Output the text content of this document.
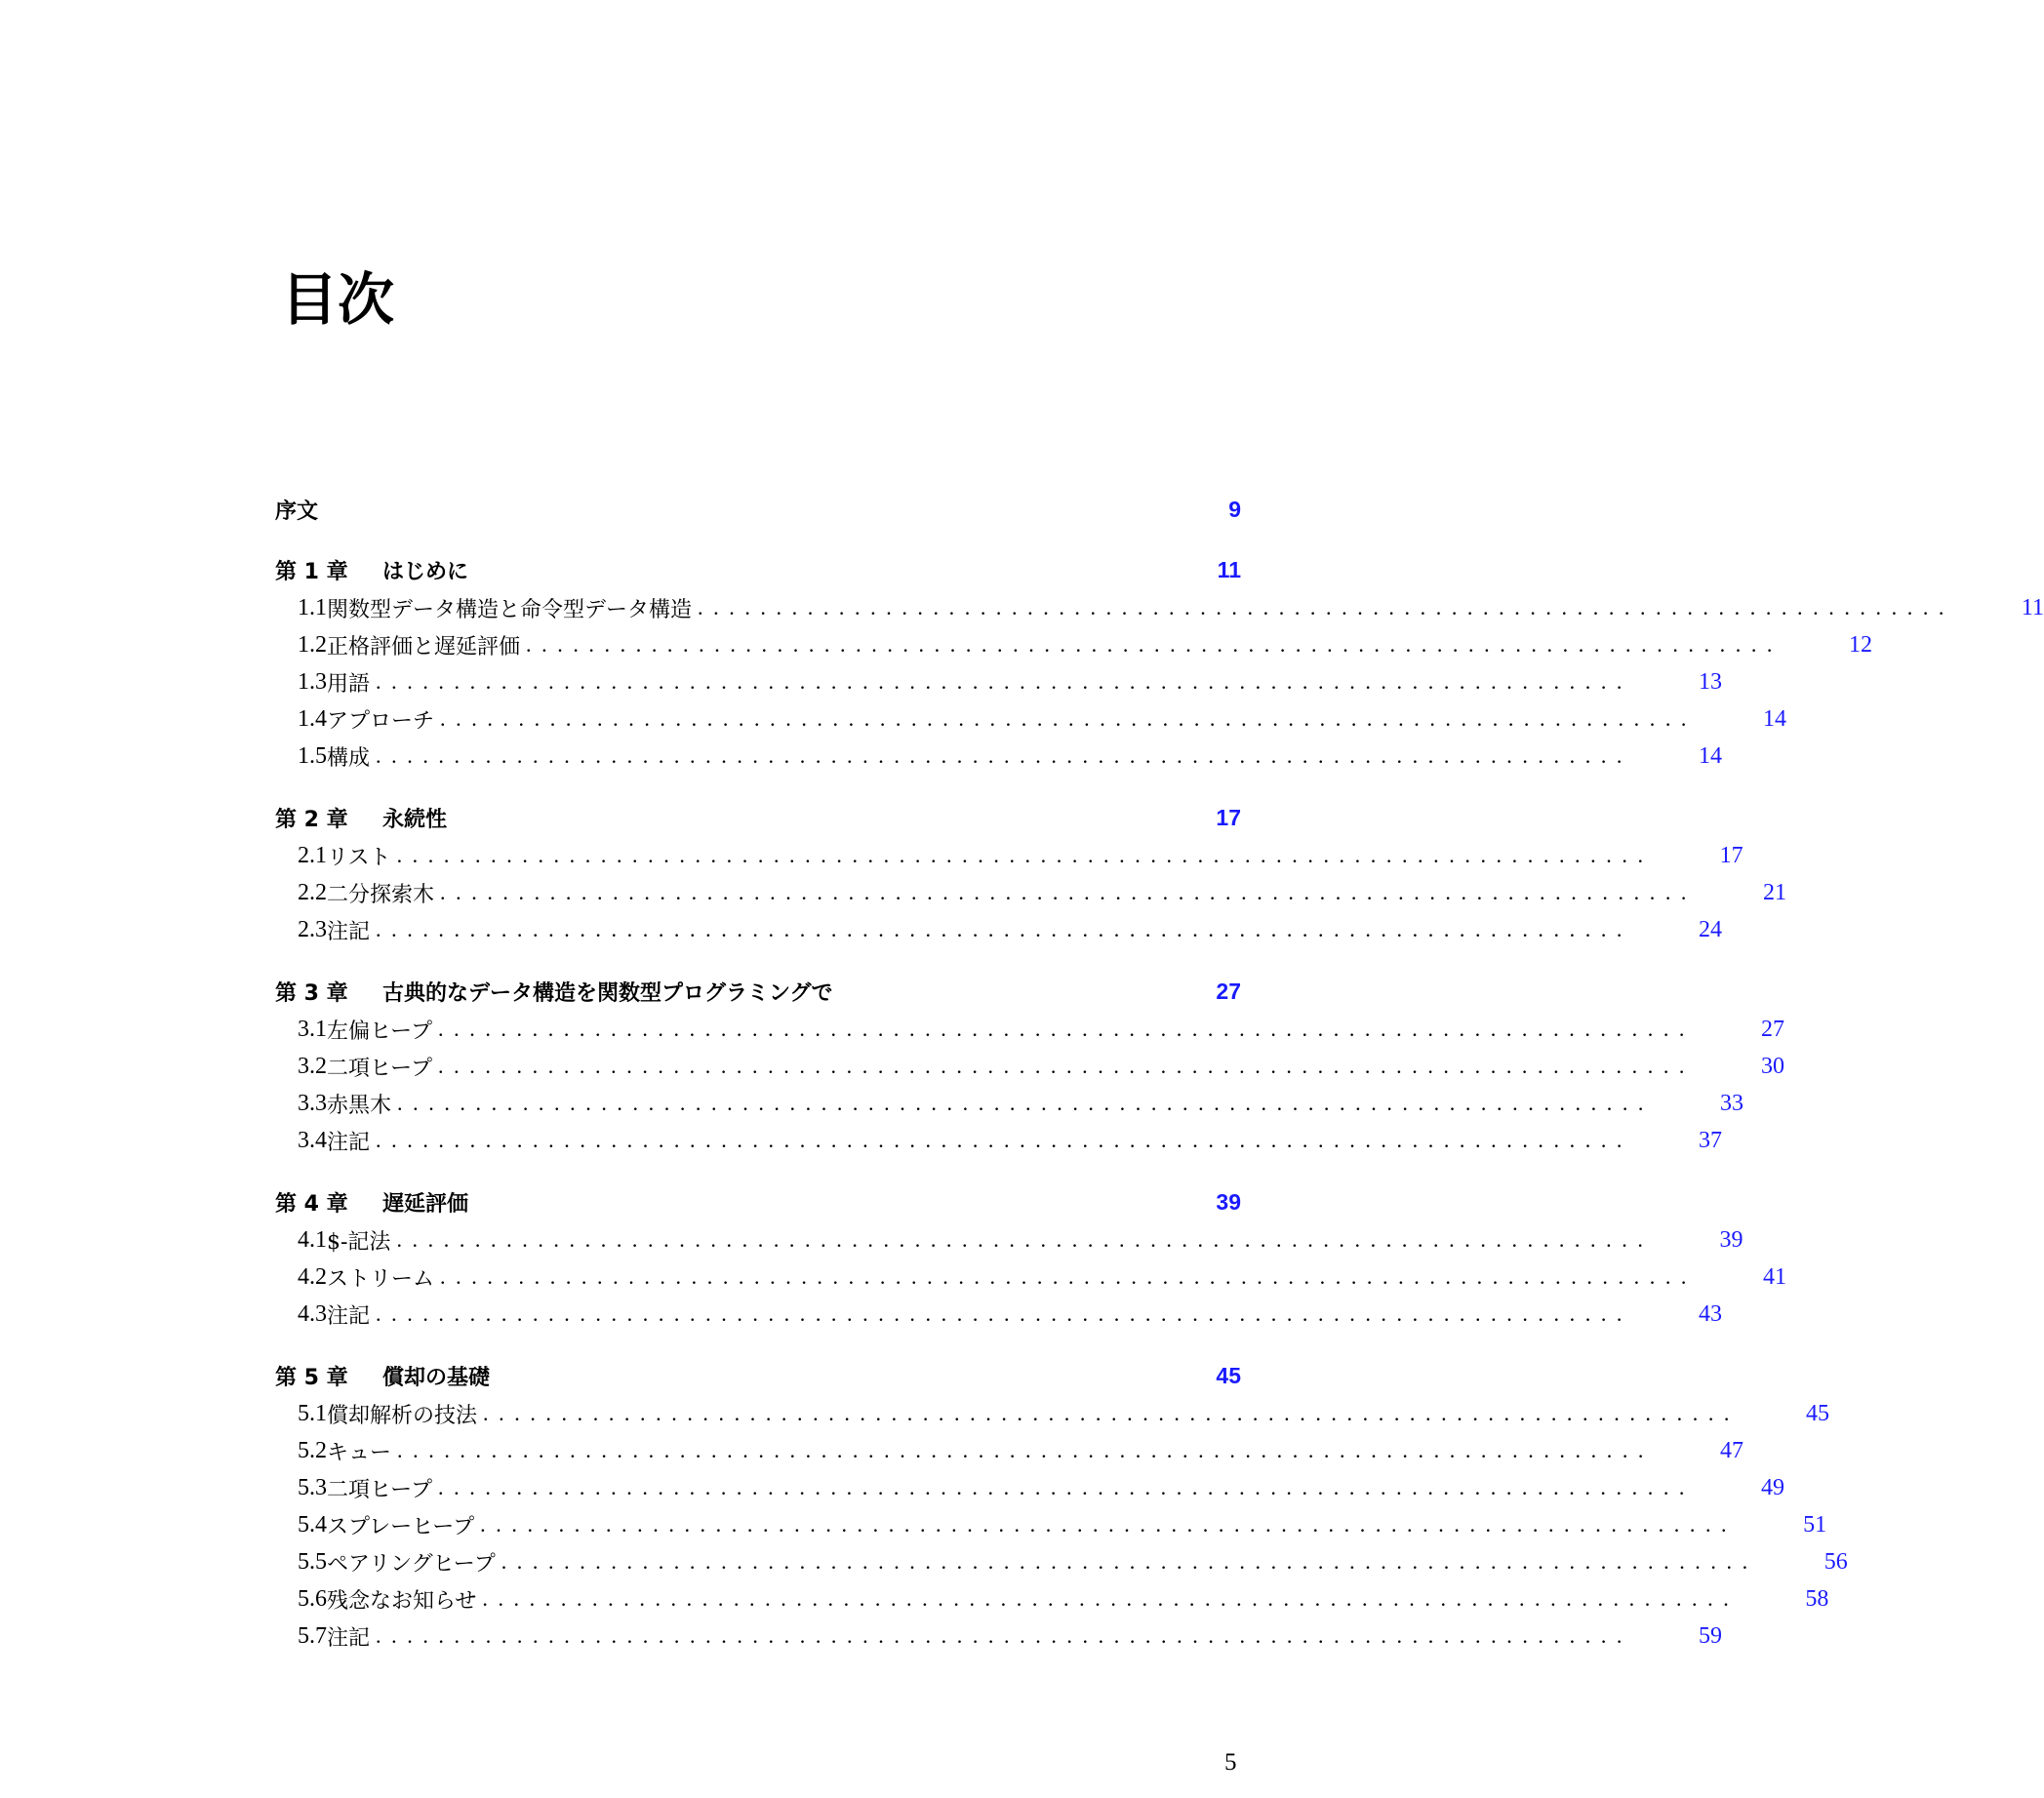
目次
序文	9
第 1 章	はじめに	11
1.1 関数型データ構造と命令型データ構造 ................................................................................	11
1.2 正格評価と遅延評価 ................................................................................	12
1.3 用語 ................................................................................	13
1.4 アプローチ ................................................................................	14
1.5 構成 ................................................................................	14
第 2 章	永続性	17
2.1 リスト ................................................................................	17
2.2 二分探索木 ................................................................................	21
2.3 注記 ................................................................................	24
第 3 章	古典的なデータ構造を関数型プログラミングで	27
3.1 左偏ヒープ ................................................................................	27
3.2 二項ヒープ ................................................................................	30
3.3 赤黒木 ................................................................................	33
3.4 注記 ................................................................................	37
第 4 章	遅延評価	39
4.1 $-記法 ................................................................................	39
4.2 ストリーム ................................................................................	41
4.3 注記 ................................................................................	43
第 5 章	償却の基礎	45
5.1 償却解析の技法 ................................................................................	45
5.2 キュー ................................................................................	47
5.3 二項ヒープ ................................................................................	49
5.4 スプレーヒープ ................................................................................	51
5.5 ペアリングヒープ ................................................................................	56
5.6 残念なお知らせ ................................................................................	58
5.7 注記 ................................................................................	59
5
